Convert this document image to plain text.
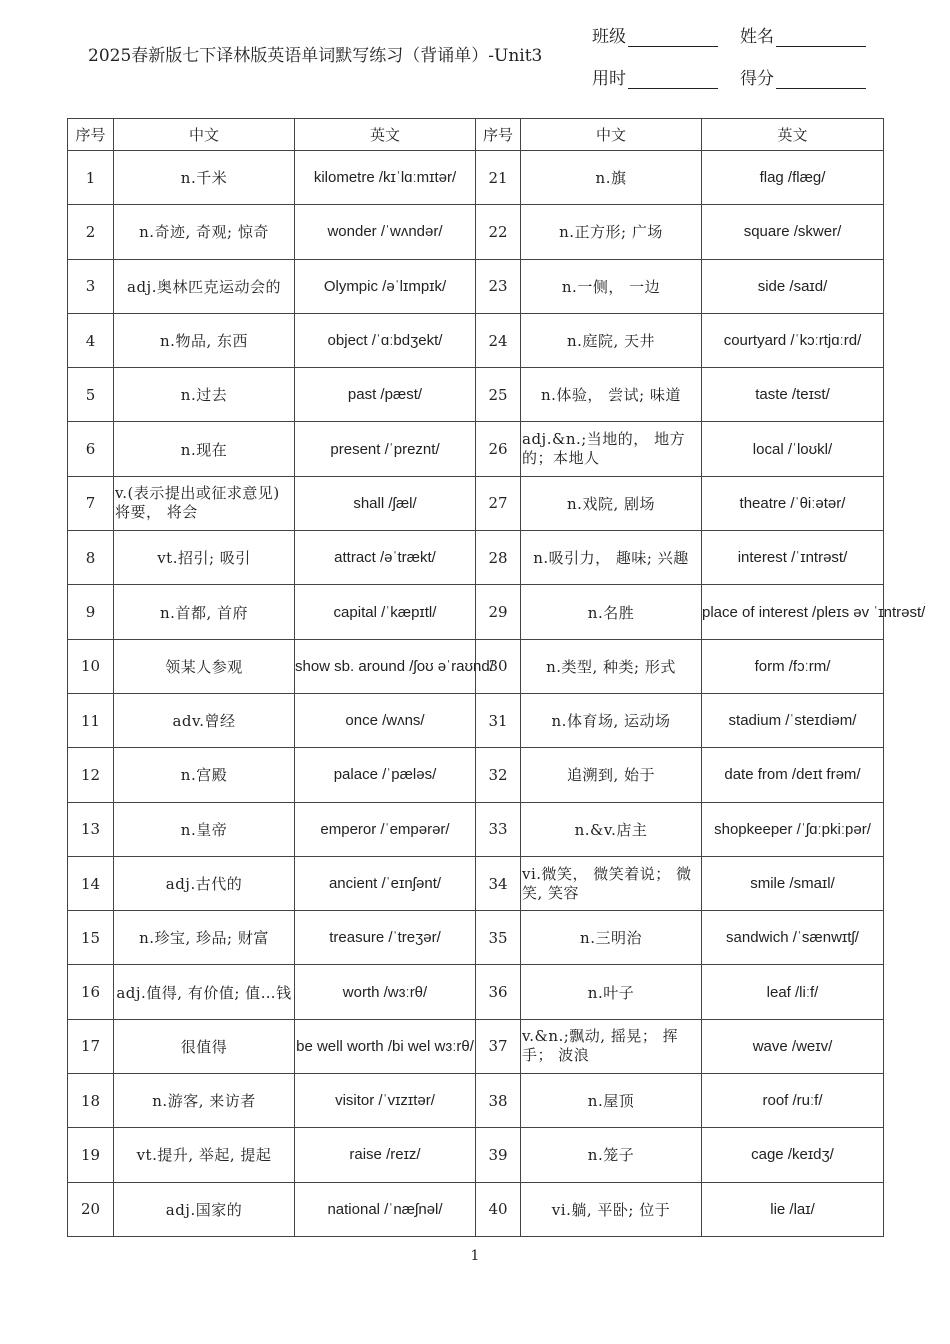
2025春新版七下译林版英语单词默写练习（背诵单）-Unit3
班级	姓名
用时	得分
序号	中文	英文	序号	中文	英文
1	n.千米	kilometre /kɪˈlɑːmɪtər/	21	n.旗	flag /flæg/
2	n.奇迹, 奇观; 惊奇	wonder /ˈwʌndər/	22	n.正方形; 广场	square /skwer/
3	adj.奥林匹克运动会的	Olympic /əˈlɪmpɪk/	23	n.一侧， 一边	side /saɪd/
4	n.物品, 东西	object /ˈɑːbdʒekt/	24	n.庭院, 天井	courtyard /ˈkɔːrtjɑːrd/
5	n.过去	past /pæst/	25	n.体验， 尝试; 味道	taste /teɪst/
6	n.现在	present /ˈpreznt/	26	adj.&n.;当地的， 地方的；本地人	local /ˈloʊkl/
7	v.(表示提出或征求意见)将要， 将会	shall /ʃæl/	27	n.戏院, 剧场	theatre /ˈθiːətər/
8	vt.招引; 吸引	attract /əˈtrækt/	28	n.吸引力， 趣味; 兴趣	interest /ˈɪntrəst/
9	n.首都, 首府	capital /ˈkæpɪtl/	29	n.名胜	place of interest /pleɪs əv ˈɪntrəst/
10	领某人参观	show sb. around /ʃoʊ əˈraʊnd/	30	n.类型, 种类; 形式	form /fɔːrm/
11	adv.曾经	once /wʌns/	31	n.体育场, 运动场	stadium /ˈsteɪdiəm/
12	n.宫殿	palace /ˈpæləs/	32	追溯到, 始于	date from /deɪt frəm/
13	n.皇帝	emperor /ˈempərər/	33	n.&v.店主	shopkeeper /ˈʃɑːpkiːpər/
14	adj.古代的	ancient /ˈeɪnʃənt/	34	vi.微笑， 微笑着说； 微笑, 笑容	smile /smaɪl/
15	n.珍宝, 珍品; 财富	treasure /ˈtreʒər/	35	n.三明治	sandwich /ˈsænwɪtʃ/
16	adj.值得, 有价值; 值…钱	worth /wɜːrθ/	36	n.叶子	leaf /liːf/
17	很值得	be well worth /bi wel wɜːrθ/	37	v.&n.;飘动, 摇晃； 挥手； 波浪	wave /weɪv/
18	n.游客, 来访者	visitor /ˈvɪzɪtər/	38	n.屋顶	roof /ruːf/
19	vt.提升, 举起, 提起	raise /reɪz/	39	n.笼子	cage /keɪdʒ/
20	adj.国家的	national /ˈnæʃnəl/	40	vi.躺, 平卧; 位于	lie /laɪ/
1
